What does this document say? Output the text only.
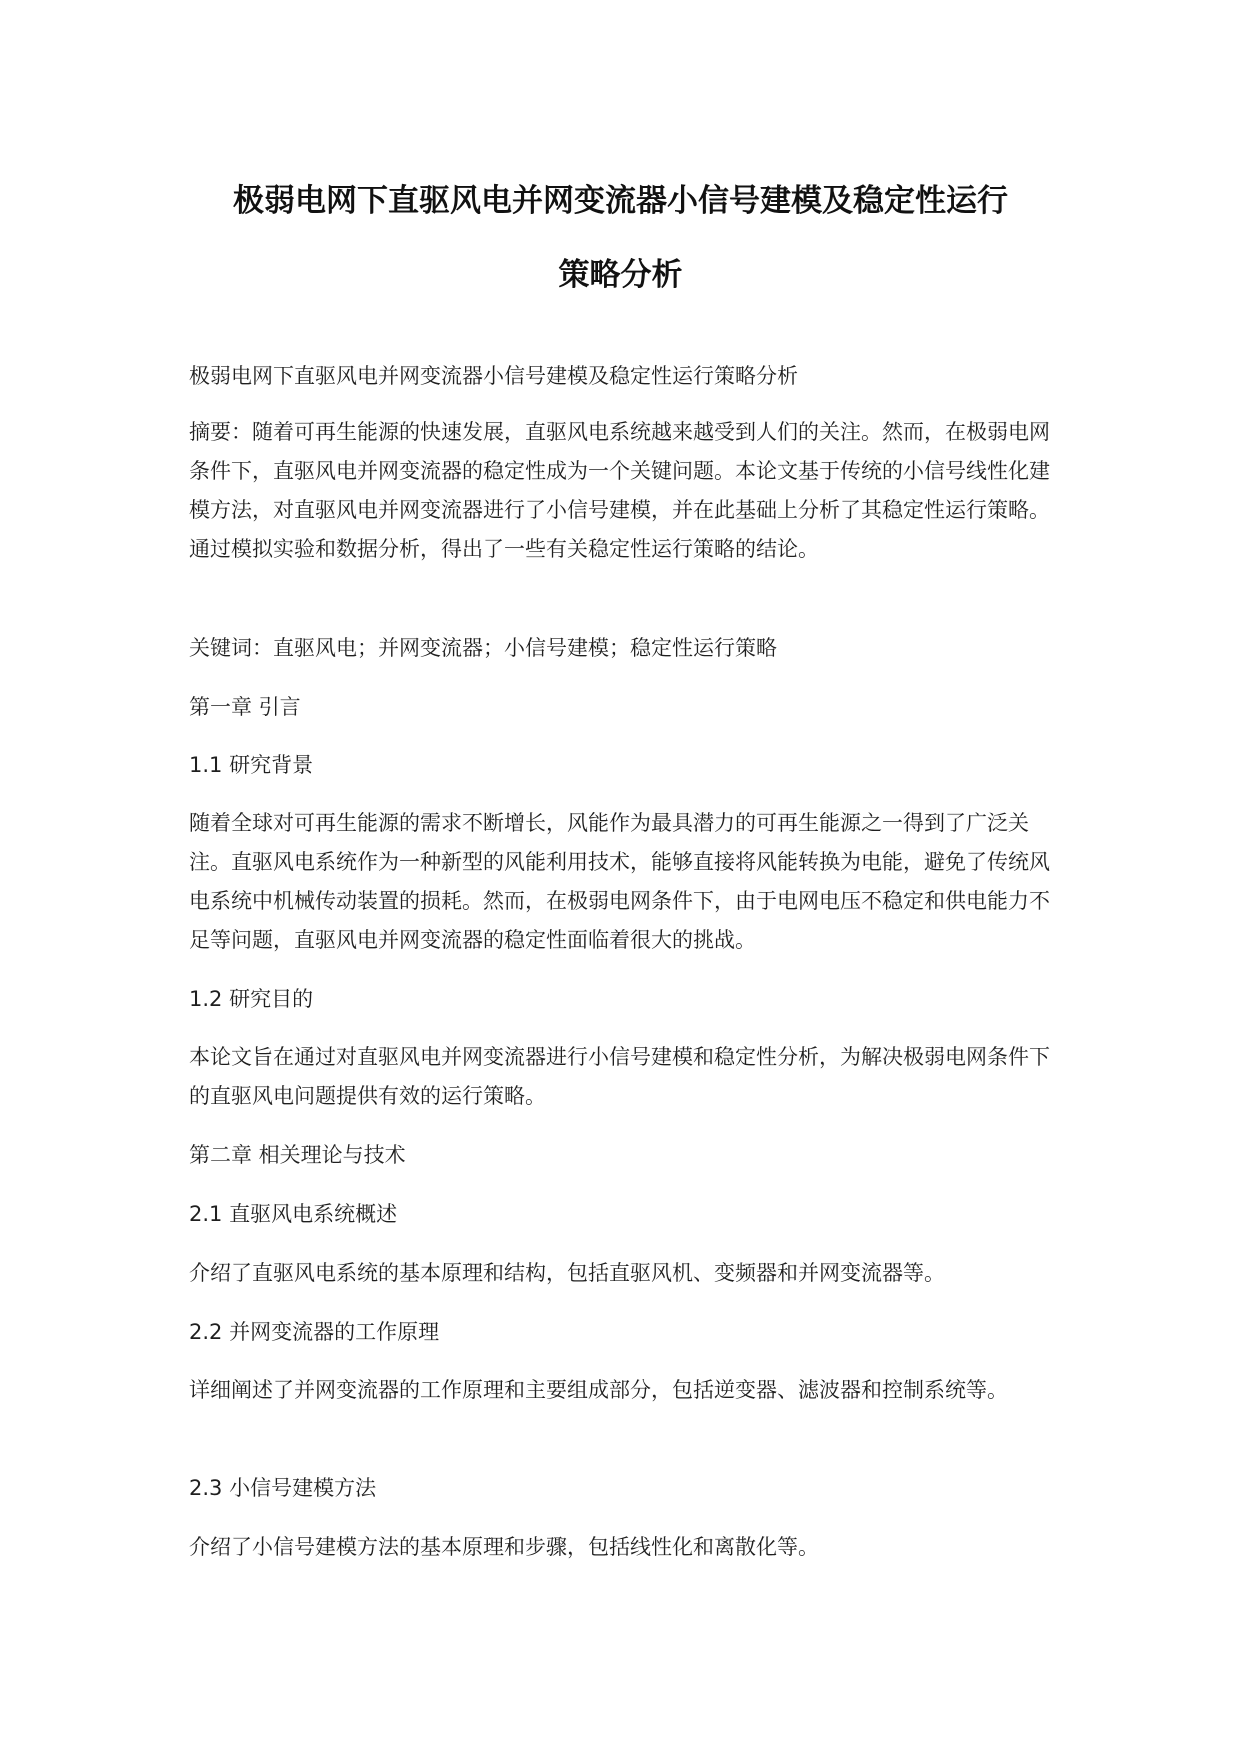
极弱电网下直驱风电并网变流器小信号建模及稳定性运行
策略分析

极弱电网下直驱风电并网变流器小信号建模及稳定性运行策略分析

摘要：随着可再生能源的快速发展，直驱风电系统越来越受到人们的关注。然而，在极弱电网条件下，直驱风电并网变流器的稳定性成为一个关键问题。本论文基于传统的小信号线性化建模方法，对直驱风电并网变流器进行了小信号建模，并在此基础上分析了其稳定性运行策略。通过模拟实验和数据分析，得出了一些有关稳定性运行策略的结论。

关键词：直驱风电；并网变流器；小信号建模；稳定性运行策略

第一章 引言

1.1 研究背景

随着全球对可再生能源的需求不断增长，风能作为最具潜力的可再生能源之一得到了广泛关注。直驱风电系统作为一种新型的风能利用技术，能够直接将风能转换为电能，避免了传统风电系统中机械传动装置的损耗。然而，在极弱电网条件下，由于电网电压不稳定和供电能力不足等问题，直驱风电并网变流器的稳定性面临着很大的挑战。

1.2 研究目的

本论文旨在通过对直驱风电并网变流器进行小信号建模和稳定性分析，为解决极弱电网条件下的直驱风电问题提供有效的运行策略。

第二章 相关理论与技术

2.1 直驱风电系统概述

介绍了直驱风电系统的基本原理和结构，包括直驱风机、变频器和并网变流器等。

2.2 并网变流器的工作原理

详细阐述了并网变流器的工作原理和主要组成部分，包括逆变器、滤波器和控制系统等。

2.3 小信号建模方法

介绍了小信号建模方法的基本原理和步骤，包括线性化和离散化等。
